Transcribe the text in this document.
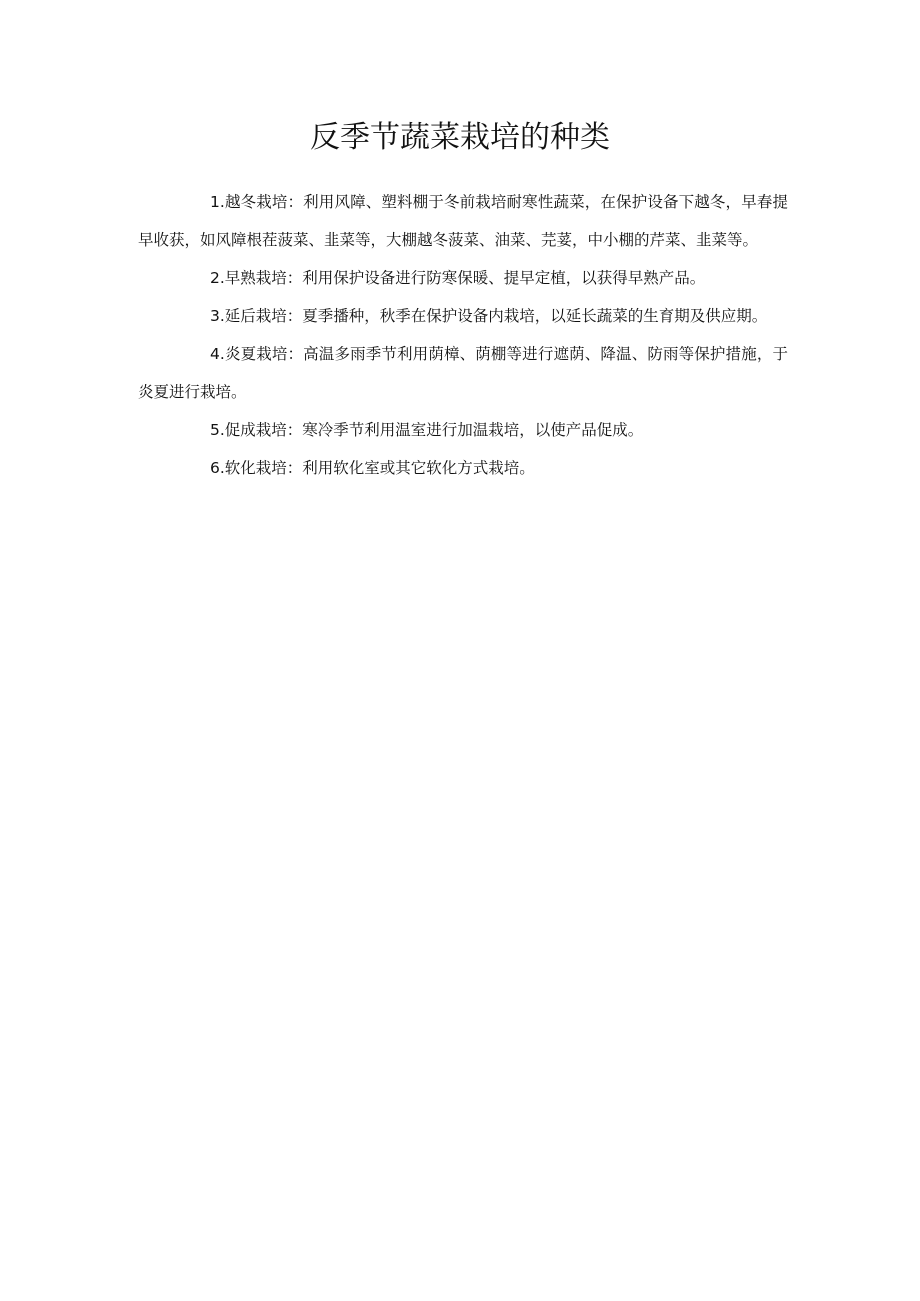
反季节蔬菜栽培的种类

1.越冬栽培：利用风障、塑料棚于冬前栽培耐寒性蔬菜，在保护设备下越冬，早春提早收获，如风障根茬菠菜、韭菜等，大棚越冬菠菜、油菜、芫荽，中小棚的芹菜、韭菜等。

2.早熟栽培：利用保护设备进行防寒保暖、提早定植，以获得早熟产品。

3.延后栽培：夏季播种，秋季在保护设备内栽培，以延长蔬菜的生育期及供应期。

4.炎夏栽培：高温多雨季节利用荫樟、荫棚等进行遮荫、降温、防雨等保护措施，于炎夏进行栽培。

5.促成栽培：寒冷季节利用温室进行加温栽培，以使产品促成。

6.软化栽培：利用软化室或其它软化方式栽培。
